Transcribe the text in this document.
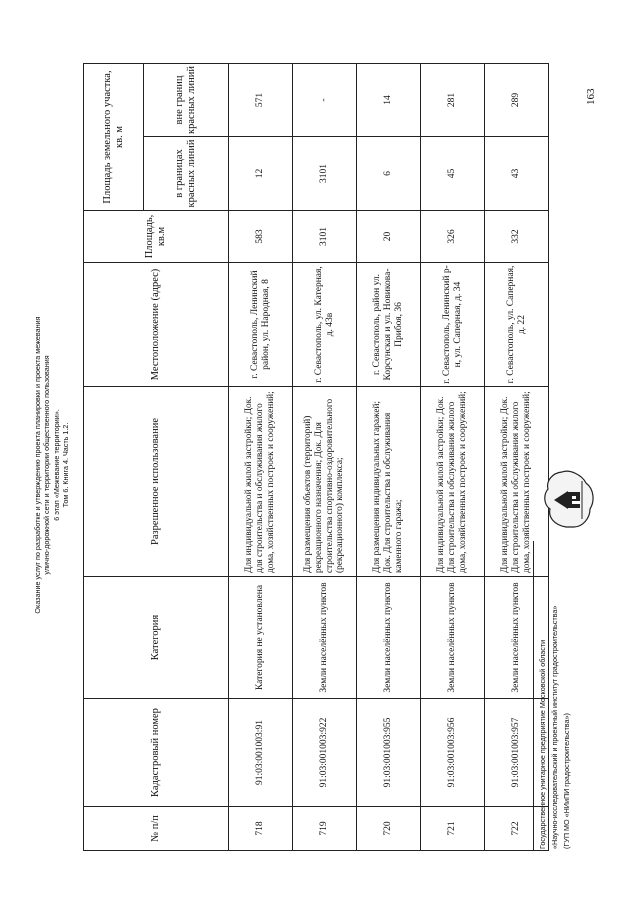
Оказание услуг по разработке и утверждению проекта планировки и проекта межевания улично-дорожной сети и территории общественного пользования 6 этап «Межевание территории». Том 6. Книга 4. Часть 1.2.
№ п/п	Кадастровый номер	Категория	Разрешенное использование	Местоположение (адрес)	Площадь, кв.м	Площадь земельного участка, кв. м	
						в границах красных линий	вне границ красных линий
718	91:03:001003:91	Категория не установлена	Для индивидуальной жилой застройки; Док. для строительства и обслуживания жилого дома, хозяйственных построек и сооружений;	г. Севастополь, Ленинский район, ул. Народная, 8	583	12	571
719	91:03:001003:922	Земли населённых пунктов	Для размещения объектов (территорий) рекреационного назначения; Док. Для строительства спортивно-оздоровительного (рекреационного) комплекса;	г. Севастополь, ул. Катерная, д. 43в	3101	3101	-
720	91:03:001003:955	Земли населённых пунктов	Для размещения индивидуальных гаражей; Док. Для строительства и обслуживания каменного гаража;	г. Севастополь, район ул. Корсунская и ул. Новикова-Прибоя, 36	20	6	14
721	91:03:001003:956	Земли населённых пунктов	Для индивидуальной жилой застройки; Док. Для строительства и обслуживания жилого дома, хозяйственных построек и сооружений;	г. Севастополь, Ленинский р-н, ул. Саперная, д. 34	326	45	281
722	91:03:001003:957	Земли населённых пунктов	Для индивидуальной жилой застройки; Док. Для строительства и обслуживания жилого дома, хозяйственных построек и сооружений;	г. Севастополь, ул. Саперная, д. 22	332	43	289
Государственное унитарное предприятие Московской области «Научно-исследовательский и проектный институт градостроительства» (ГУП МО «НИиПИ градостроительства»)
163
